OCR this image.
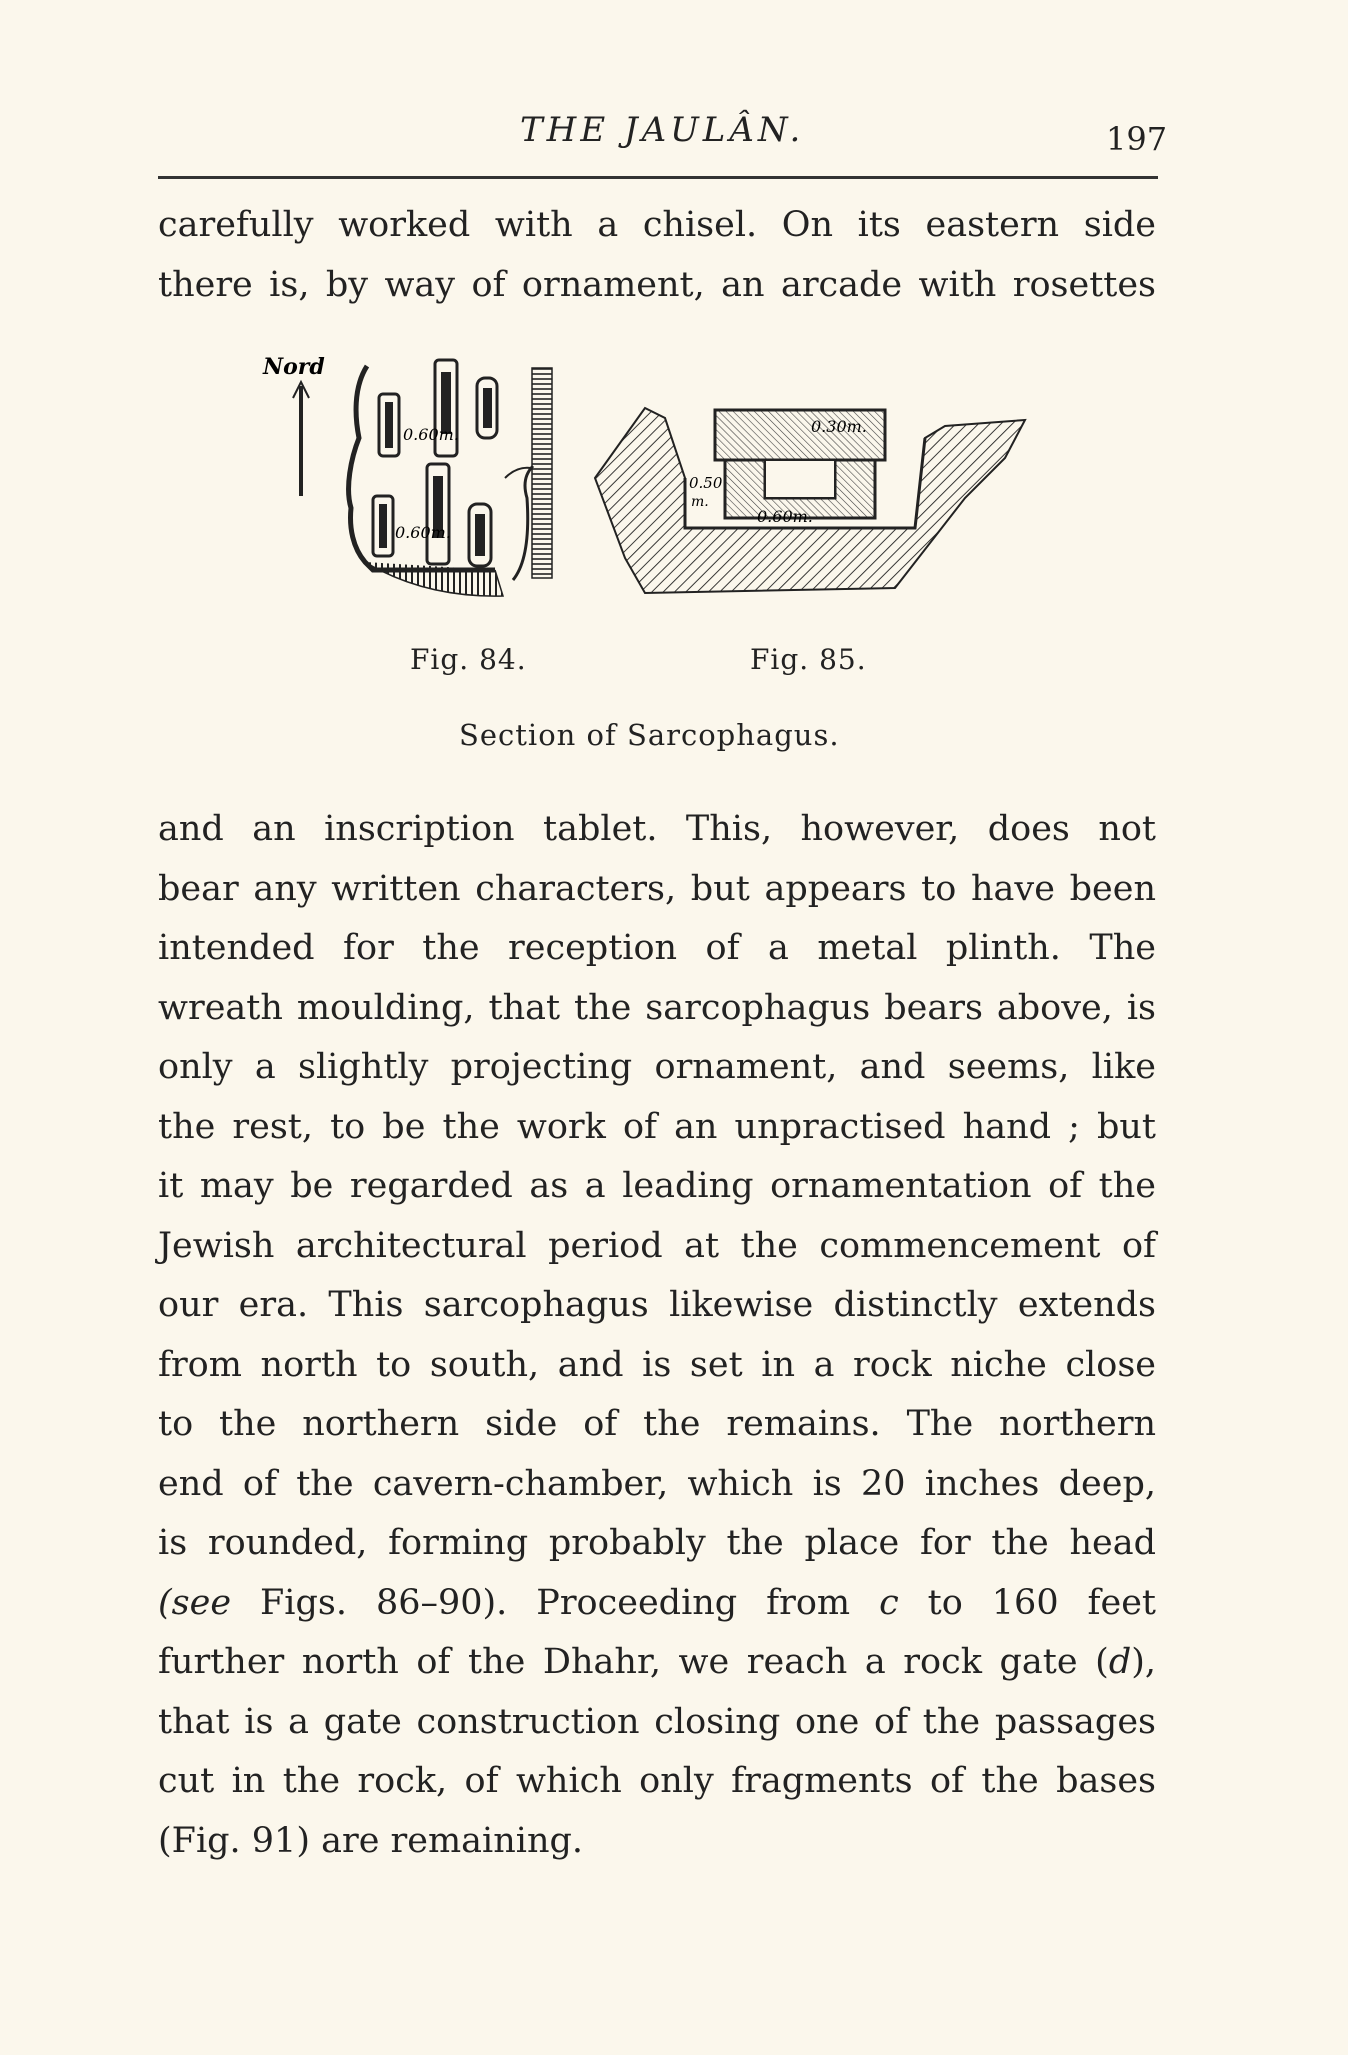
THE JAULÂN.	197
carefully worked with a chisel. On its eastern side
there is, by way of ornament, an arcade with rosettes
Nord
0.60m.
0.60m.
Fig. 84.
0.30m.
0.50
m.
0.60m.
Fig. 85.
Section of Sarcophagus.
and an inscription tablet. This, however, does not
bear any written characters, but appears to have been
intended for the reception of a metal plinth. The
wreath moulding, that the sarcophagus bears above, is
only a slightly projecting ornament, and seems, like
the rest, to be the work of an unpractised hand ; but
it may be regarded as a leading ornamentation of the
Jewish architectural period at the commencement of
our era. This sarcophagus likewise distinctly extends
from north to south, and is set in a rock niche close
to the northern side of the remains. The northern
end of the cavern-chamber, which is 20 inches deep,
is rounded, forming probably the place for the head
(see Figs. 86–90). Proceeding from c to 160 feet
further north of the Dhahr, we reach a rock gate (d),
that is a gate construction closing one of the passages
cut in the rock, of which only fragments of the bases
(Fig. 91) are remaining.
